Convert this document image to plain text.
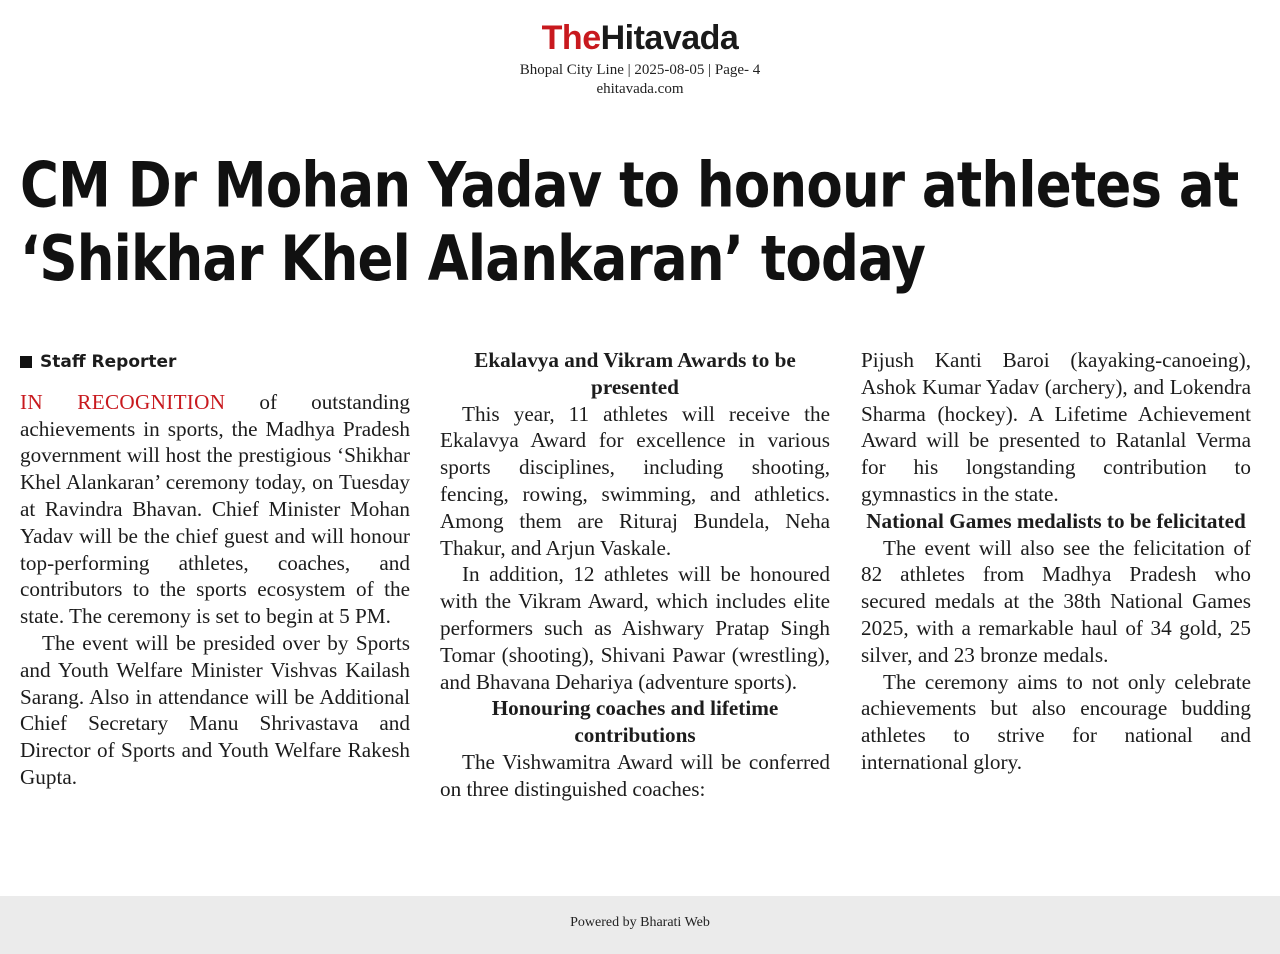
TheHitavada
Bhopal City Line | 2025-08-05 | Page- 4
ehitavada.com
CM Dr Mohan Yadav to honour athletes at ‘Shikhar Khel Alankaran’ today
Staff Reporter

IN RECOGNITION of outstanding achievements in sports, the Madhya Pradesh government will host the prestigious ‘Shikhar Khel Alankaran’ ceremony today, on Tuesday at Ravindra Bhavan. Chief Minister Mohan Yadav will be the chief guest and will honour top-performing athletes, coaches, and contributors to the sports ecosystem of the state. The ceremony is set to begin at 5 PM.

The event will be presided over by Sports and Youth Welfare Minister Vishvas Kailash Sarang. Also in attendance will be Additional Chief Secretary Manu Shrivastava and Director of Sports and Youth Welfare Rakesh Gupta.

Ekalavya and Vikram Awards to be presented

This year, 11 athletes will receive the Ekalavya Award for excellence in various sports disciplines, including shooting, fencing, rowing, swimming, and athletics. Among them are Rituraj Bundela, Neha Thakur, and Arjun Vaskale.

In addition, 12 athletes will be honoured with the Vikram Award, which includes elite performers such as Aishwary Pratap Singh Tomar (shooting), Shivani Pawar (wrestling), and Bhavana Dehariya (adventure sports).

Honouring coaches and lifetime contributions

The Vishwamitra Award will be conferred on three distinguished coaches:

Pijush Kanti Baroi (kayaking-canoeing), Ashok Kumar Yadav (archery), and Lokendra Sharma (hockey). A Lifetime Achievement Award will be presented to Ratanlal Verma for his longstanding contribution to gymnastics in the state.

National Games medalists to be felicitated

The event will also see the felicitation of 82 athletes from Madhya Pradesh who secured medals at the 38th National Games 2025, with a remarkable haul of 34 gold, 25 silver, and 23 bronze medals.

The ceremony aims to not only celebrate achievements but also encourage budding athletes to strive for national and international glory.

Powered by Bharati Web
